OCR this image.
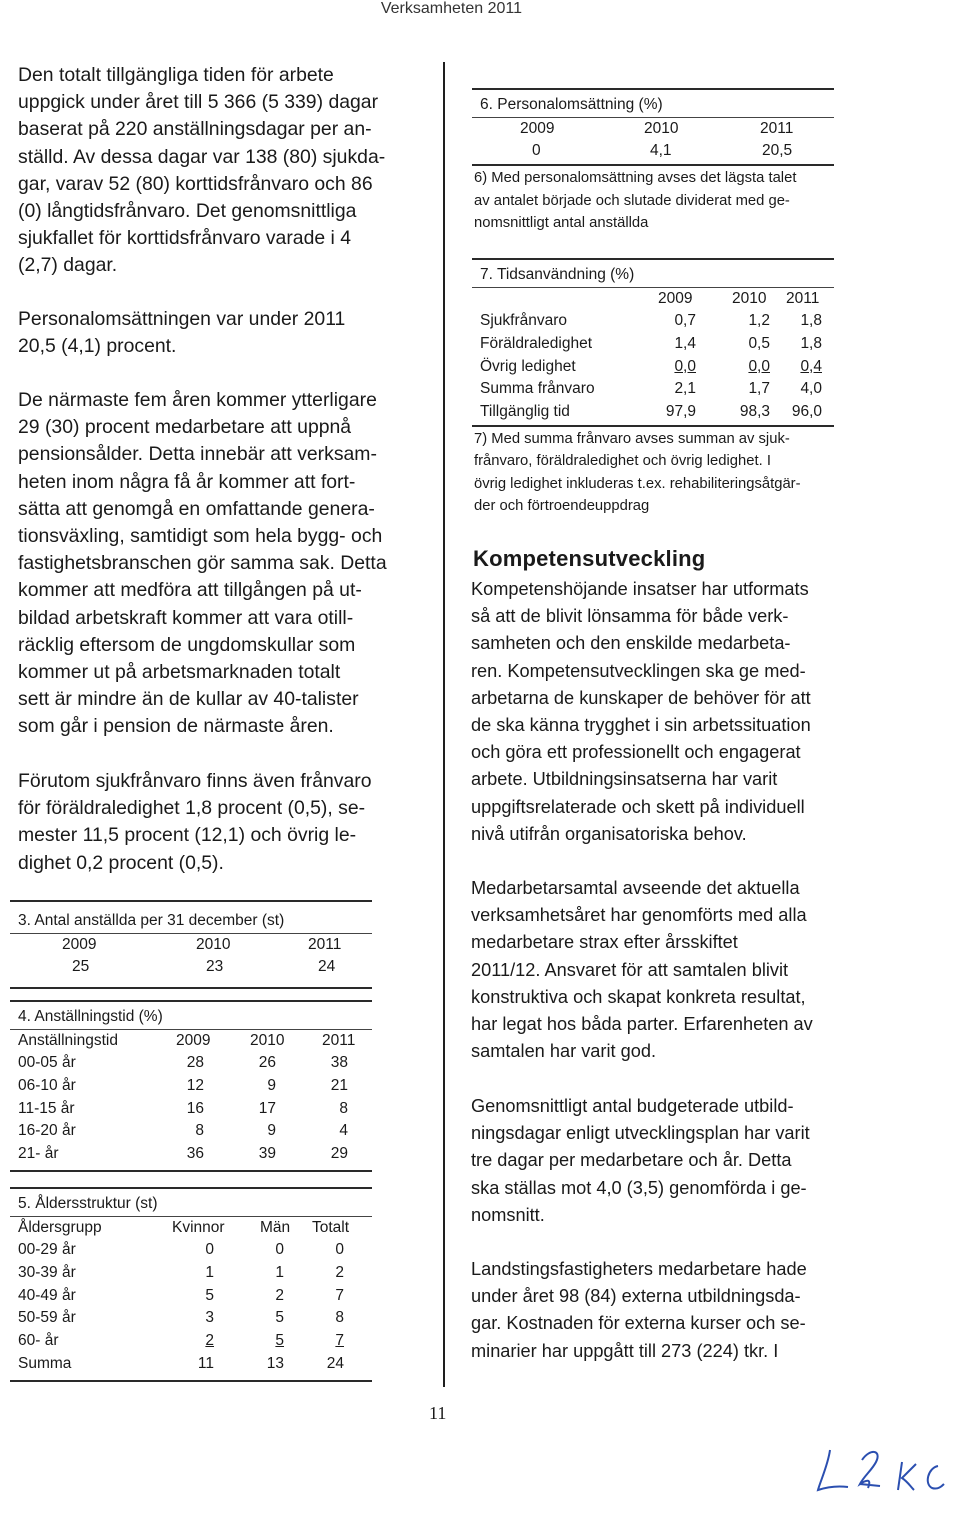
Verksamheten 2011
Den totalt tillgängliga tiden för arbete
uppgick under året till 5 366 (5 339) dagar
baserat på 220 anställningsdagar per an-
ställd. Av dessa dagar var 138 (80) sjukda-
gar, varav 52 (80) korttidsfrånvaro och 86
(0) långtidsfrånvaro. Det genomsnittliga
sjukfallet för korttidsfrånvaro varade i 4
(2,7) dagar.
Personalomsättningen var under 2011
20,5 (4,1) procent.
De närmaste fem åren kommer ytterligare
29 (30) procent medarbetare att uppnå
pensionsålder. Detta innebär att verksam-
heten inom några få år kommer att fort-
sätta att genomgå en omfattande genera-
tionsväxling, samtidigt som hela bygg- och
fastighetsbranschen gör samma sak. Detta
kommer att medföra att tillgången på ut-
bildad arbetskraft kommer att vara otill-
räcklig eftersom de ungdomskullar som
kommer ut på arbetsmarknaden totalt
sett är mindre än de kullar av 40-talister
som går i pension de närmaste åren.
Förutom sjukfrånvaro finns även frånvaro
för föräldraledighet 1,8 procent (0,5), se-
mester 11,5 procent (12,1) och övrig le-
dighet 0,2 procent (0,5).
3. Antal anställda per 31 december (st)
2009	2010	2011
25	23	24
4. Anställningstid (%)
Anställningstid	2009	2010 2011
00-05 år	28	26	38
06-10 år	12	9	21
11-15 år	16	17	8
16-20 år	8	9	4
21- år	36	39	29
5. Åldersstruktur (st)
Åldersgrupp	Kvinnor Män Totalt
00-29 år	0	0	0
30-39 år	1	1	2
40-49 år	5	2	7
50-59 år	3	5	8
60- år	2	5	7
Summa	11	13	24
6. Personalomsättning (%)
2009	2010	2011
0	4,1	20,5
6) Med personalomsättning avses det lägsta talet
av antalet började och slutade dividerat med ge-
nomsnittligt antal anställda
7. Tidsanvändning (%)
2009	2010 2011
Sjukfrånvaro	0,7	1,2 1,8
Föräldraledighet	1,4	0,5 1,8
Övrig ledighet	0,0	0,0 0,4
Summa frånvaro	2,1	1,7 4,0
Tillgänglig tid	97,9	98,3 96,0
7) Med summa frånvaro avses summan av sjuk-
frånvaro, föräldraledighet och övrig ledighet. I
övrig ledighet inkluderas t.ex. rehabiliteringsåtgär-
der och förtroendeuppdrag
Kompetensutveckling
Kompetenshöjande insatser har utformats
så att de blivit lönsamma för både verk-
samheten och den enskilde medarbeta-
ren. Kompetensutvecklingen ska ge med-
arbetarna de kunskaper de behöver för att
de ska känna trygghet i sin arbetssituation
och göra ett professionellt och engagerat
arbete. Utbildningsinsatserna har varit
uppgiftsrelaterade och skett på individuell
nivå utifrån organisatoriska behov.
Medarbetarsamtal avseende det aktuella
verksamhetsåret har genomförts med alla
medarbetare strax efter årsskiftet
2011/12. Ansvaret för att samtalen blivit
konstruktiva och skapat konkreta resultat,
har legat hos båda parter. Erfarenheten av
samtalen har varit god.
Genomsnittligt antal budgeterade utbild-
ningsdagar enligt utvecklingsplan har varit
tre dagar per medarbetare och år. Detta
ska ställas mot 4,0 (3,5) genomförda i ge-
nomsnitt.
Landstingsfastigheters medarbetare hade
under året 98 (84) externa utbildningsda-
gar. Kostnaden för externa kurser och se-
minarier har uppgått till 273 (224) tkr. I
11
